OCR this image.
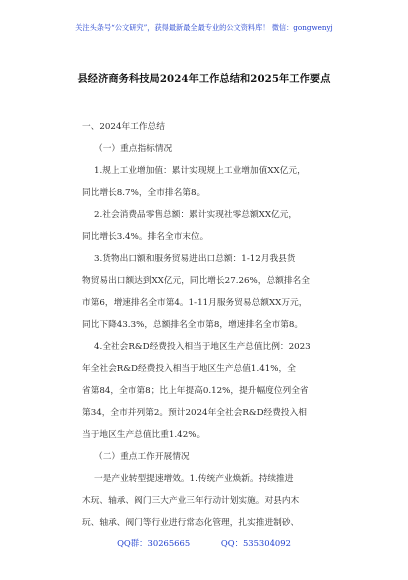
关注头条号“公文研究”，获得最新最全最专业的公文资料库！ 微信：gongwenyj
县经济商务科技局2024年工作总结和2025年工作要点
一、2024年工作总结
（一）重点指标情况
1.规上工业增加值：累计实现规上工业增加值XX亿元，
同比增长8.7%，全市排名第8。
2.社会消费品零售总额：累计实现社零总额XX亿元，
同比增长3.4%。排名全市末位。
3.货物出口额和服务贸易进出口总额：1-12月我县货
物贸易出口额达到XX亿元，同比增长27.26%，总额排名全
市第6，增速排名全市第4。1-11月服务贸易总额XX万元，
同比下降43.3%，总额排名全市第8，增速排名全市第8。
4.全社会R&D经费投入相当于地区生产总值比例：2023
年全社会R&D经费投入相当于地区生产总值1.41%，全
省第84，全市第8；比上年提高0.12%，提升幅度位列全省
第34，全市并列第2。预计2024年全社会R&D经费投入相
当于地区生产总值比重1.42%。
（二）重点工作开展情况
一是产业转型提速增效。1.传统产业焕新。持续推进
木玩、轴承、阀门三大产业三年行动计划实施。对县内木
玩、轴承、阀门等行业进行常态化管理，扎实推进制砂、
QQ群：30265665	QQ：535304092
